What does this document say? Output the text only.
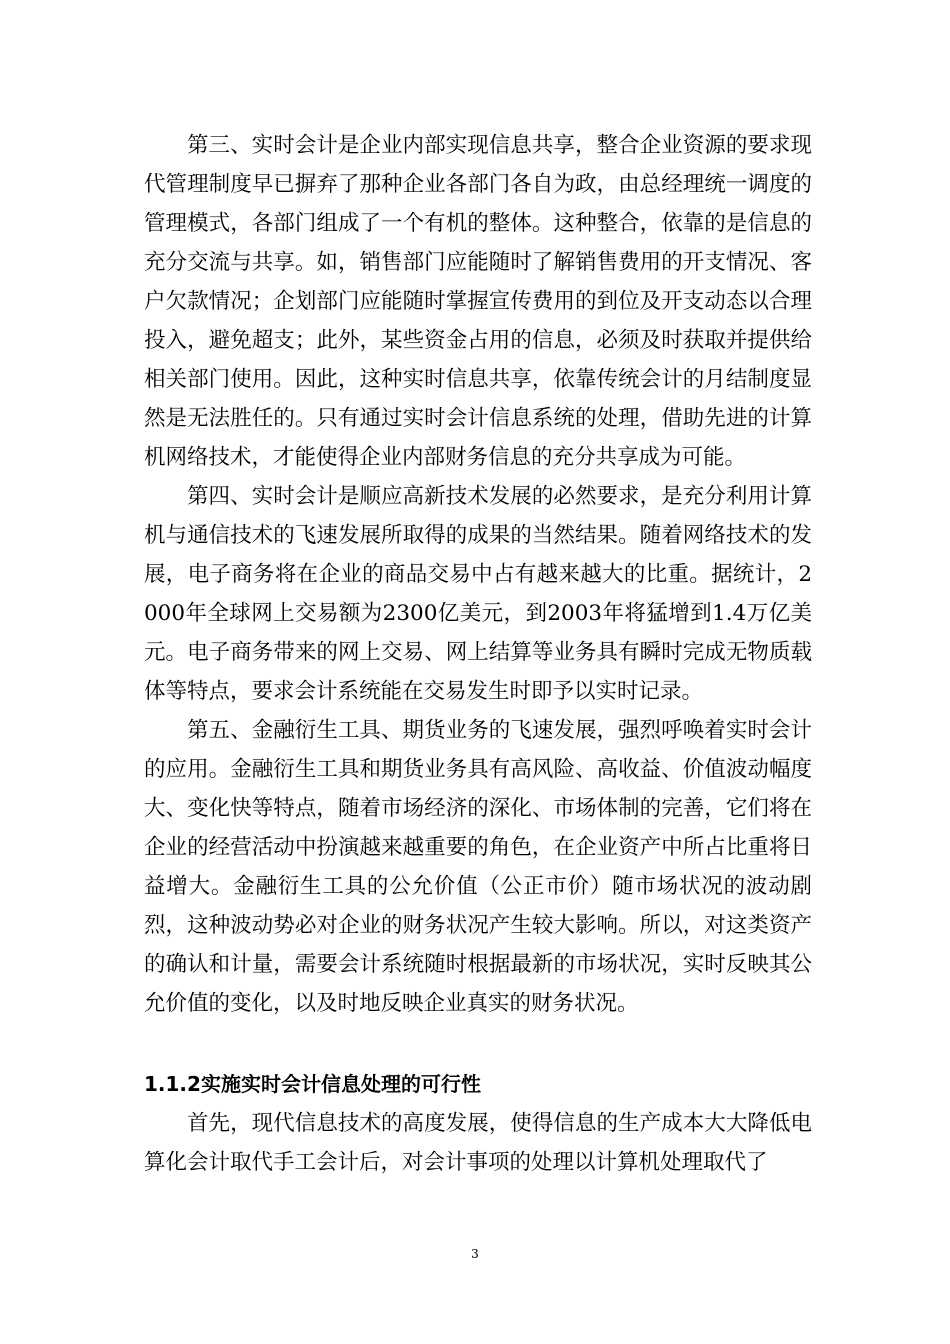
第三、实时会计是企业内部实现信息共享，整合企业资源的要求现代管理制度早已摒弃了那种企业各部门各自为政，由总经理统一调度的管理模式，各部门组成了一个有机的整体。这种整合，依靠的是信息的充分交流与共享。如，销售部门应能随时了解销售费用的开支情况、客户欠款情况；企划部门应能随时掌握宣传费用的到位及开支动态以合理投入，避免超支；此外，某些资金占用的信息，必须及时获取并提供给相关部门使用。因此，这种实时信息共享，依靠传统会计的月结制度显然是无法胜任的。只有通过实时会计信息系统的处理，借助先进的计算机网络技术，才能使得企业内部财务信息的充分共享成为可能。

第四、实时会计是顺应高新技术发展的必然要求，是充分利用计算机与通信技术的飞速发展所取得的成果的当然结果。随着网络技术的发展，电子商务将在企业的商品交易中占有越来越大的比重。据统计，2000年全球网上交易额为2300亿美元，到2003年将猛增到1.4万亿美元。电子商务带来的网上交易、网上结算等业务具有瞬时完成无物质载体等特点，要求会计系统能在交易发生时即予以实时记录。

第五、金融衍生工具、期货业务的飞速发展，强烈呼唤着实时会计的应用。金融衍生工具和期货业务具有高风险、高收益、价值波动幅度大、变化快等特点，随着市场经济的深化、市场体制的完善，它们将在企业的经营活动中扮演越来越重要的角色，在企业资产中所占比重将日益增大。金融衍生工具的公允价值（公正市价）随市场状况的波动剧烈，这种波动势必对企业的财务状况产生较大影响。所以，对这类资产的确认和计量，需要会计系统随时根据最新的市场状况，实时反映其公允价值的变化，以及时地反映企业真实的财务状况。

1.1.2实施实时会计信息处理的可行性

首先，现代信息技术的高度发展，使得信息的生产成本大大降低电算化会计取代手工会计后，对会计事项的处理以计算机处理取代了

3
